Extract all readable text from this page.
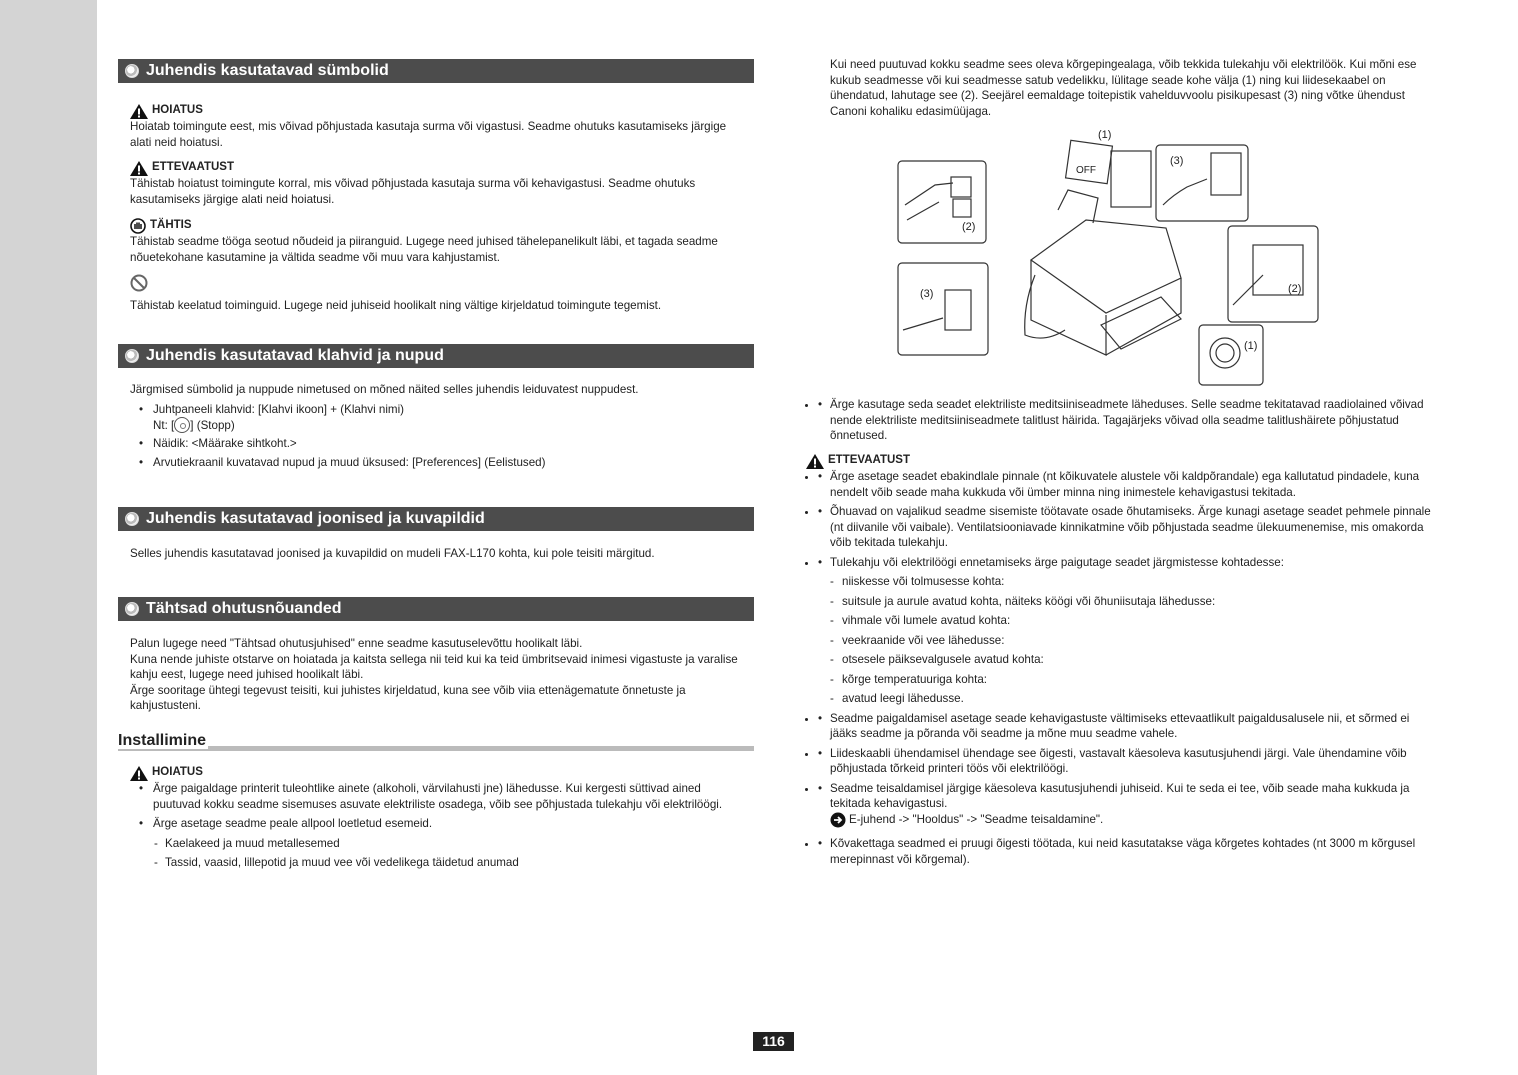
Juhendis kasutatavad sümbolid
HOIATUS
Hoiatab toimingute eest, mis võivad põhjustada kasutaja surma või vigastusi. Seadme ohutuks kasutamiseks järgige alati neid hoiatusi.
ETTEVAATUST
Tähistab hoiatust toimingute korral, mis võivad põhjustada kasutaja surma või kehavigastusi. Seadme ohutuks kasutamiseks järgige alati neid hoiatusi.
TÄHTIS
Tähistab seadme tööga seotud nõudeid ja piiranguid. Lugege need juhised tähelepanelikult läbi, et tagada seadme nõuetekohane kasutamine ja vältida seadme või muu vara kahjustamist.
Tähistab keelatud toiminguid. Lugege neid juhiseid hoolikalt ning vältige kirjeldatud toimingute tegemist.
Juhendis kasutatavad klahvid ja nupud
Järgmised sümbolid ja nuppude nimetused on mõned näited selles juhendis leiduvatest nuppudest.
• Juhtpaneeli klahvid: [Klahvi ikoon] + (Klahvi nimi)
Nt: [ ] (Stopp)
• Näidik: <Määrake sihtkoht.>
• Arvutiekraanil kuvatavad nupud ja muud üksused: [Preferences] (Eelistused)
Juhendis kasutatavad joonised ja kuvapildid
Selles juhendis kasutatavad joonised ja kuvapildid on mudeli FAX-L170 kohta, kui pole teisiti märgitud.
Tähtsad ohutusnõuanded
Palun lugege need "Tähtsad ohutusjuhised" enne seadme kasutuselevõttu hoolikalt läbi.
Kuna nende juhiste otstarve on hoiatada ja kaitsta sellega nii teid kui ka teid ümbritsevaid inimesi vigastuste ja varalise kahju eest, lugege need juhised hoolikalt läbi.
Ärge sooritage ühtegi tegevust teisiti, kui juhistes kirjeldatud, kuna see võib viia ettenägematute õnnetuste ja kahjustusteni.
Installimine
HOIATUS
• Ärge paigaldage printerit tuleohtlike ainete (alkoholi, värvilahusti jne) lähedusse. Kui kergesti süttivad ained puutuvad kokku seadme sisemuses asuvate elektriliste osadega, võib see põhjustada tulekahju või elektrilöögi.
• Ärge asetage seadme peale allpool loetletud esemeid.
- Kaelakeed ja muud metallesemed
- Tassid, vaasid, lillepotid ja muud vee või vedelikega täidetud anumad
Kui need puutuvad kokku seadme sees oleva kõrgepingealaga, võib tekkida tulekahju või elektrilöök. Kui mõni ese kukub seadmesse või kui seadmesse satub vedelikku, lülitage seade kohe välja (1) ning kui liidesekaabel on ühendatud, lahutage see (2). Seejärel eemaldage toitepistik vahelduvvoolu pisikupesast (3) ning võtke ühendust Canoni kohaliku edasimüüjaga.
(1)
(3)
OFF
(2)
(3)	(2)
(1)
• • Ärge kasutage seda seadet elektriliste meditsiiniseadmete läheduses. Selle seadme tekitatavad raadiolained võivad nende elektriliste meditsiiniseadmete talitlust häirida. Tagajärjeks võivad olla seadme talitlushäirete põhjustatud õnnetused.
ETTEVAATUST
• • Ärge asetage seadet ebakindlale pinnale (nt kõikuvatele alustele või kaldpõrandale) ega kallutatud pindadele, kuna nendelt võib seade maha kukkuda või ümber minna ning inimestele kehavigastusi tekitada.
• • Õhuavad on vajalikud seadme sisemiste töötavate osade õhutamiseks. Ärge kunagi asetage seadet pehmele pinnale (nt diivanile või vaibale). Ventilatsiooniavade kinnikatmine võib põhjustada seadme ülekuumenemise, mis omakorda võib tekitada tulekahju.
• • Tulekahju või elektrilöögi ennetamiseks ärge paigutage seadet järgmistesse kohtadesse:
- niiskesse või tolmusesse kohta:
- suitsule ja aurule avatud kohta, näiteks köögi või õhuniisutaja lähedusse:
- vihmale või lumele avatud kohta:
- veekraanide või vee lähedusse:
- otsesele päiksevalgusele avatud kohta:
- kõrge temperatuuriga kohta:
- avatud leegi lähedusse.
• • Seadme paigaldamisel asetage seade kehavigastuste vältimiseks ettevaatlikult paigaldusalusele nii, et sõrmed ei jääks seadme ja põranda või seadme ja mõne muu seadme vahele.
• • Liideskaabli ühendamisel ühendage see õigesti, vastavalt käesoleva kasutusjuhendi järgi. Vale ühendamine võib põhjustada tõrkeid printeri töös või elektrilöögi.
• • Seadme teisaldamisel järgige käesoleva kasutusjuhendi juhiseid. Kui te seda ei tee, võib seade maha kukkuda ja tekitada kehavigastusi.

E-juhend -> "Hooldus" -> "Seadme teisaldamine".
• • Kõvakettaga seadmed ei pruugi õigesti töötada, kui neid kasutatakse väga kõrgetes kohtades (nt 3000 m kõrgusel merepinnast või kõrgemal).
116
